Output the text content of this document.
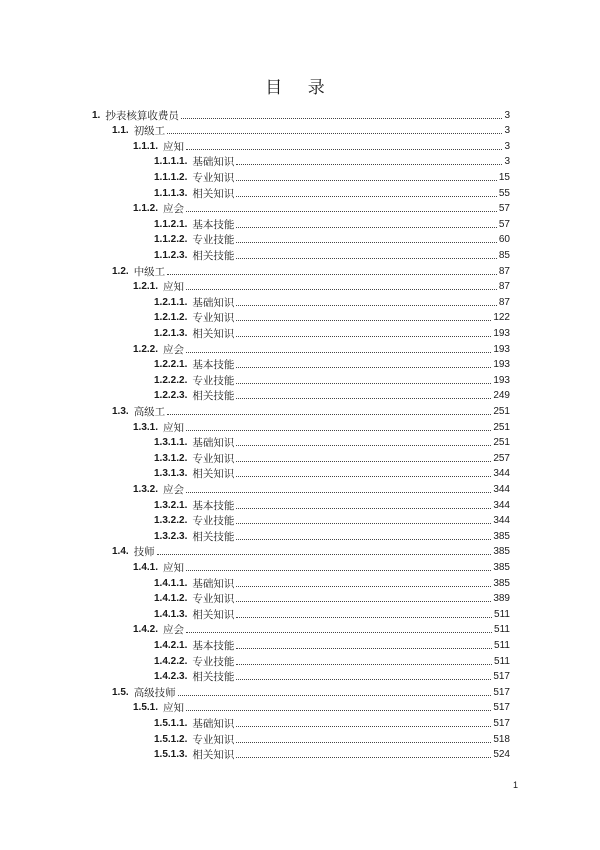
目 录
1. 抄表核算收费员	3
1.1. 初级工	3
1.1.1. 应知	3
1.1.1.1. 基础知识	3
1.1.1.2. 专业知识	15
1.1.1.3. 相关知识	55
1.1.2. 应会	57
1.1.2.1. 基本技能	57
1.1.2.2. 专业技能	60
1.1.2.3. 相关技能	85
1.2. 中级工	87
1.2.1. 应知	87
1.2.1.1. 基础知识	87
1.2.1.2. 专业知识	122
1.2.1.3. 相关知识	193
1.2.2. 应会	193
1.2.2.1. 基本技能	193
1.2.2.2. 专业技能	193
1.2.2.3. 相关技能	249
1.3. 高级工	251
1.3.1. 应知	251
1.3.1.1. 基础知识	251
1.3.1.2. 专业知识	257
1.3.1.3. 相关知识	344
1.3.2. 应会	344
1.3.2.1. 基本技能	344
1.3.2.2. 专业技能	344
1.3.2.3. 相关技能	385
1.4. 技师	385
1.4.1. 应知	385
1.4.1.1. 基础知识	385
1.4.1.2. 专业知识	389
1.4.1.3. 相关知识	511
1.4.2. 应会	511
1.4.2.1. 基本技能	511
1.4.2.2. 专业技能	511
1.4.2.3. 相关技能	517
1.5. 高级技师	517
1.5.1. 应知	517
1.5.1.1. 基础知识	517
1.5.1.2. 专业知识	518
1.5.1.3. 相关知识	524
1
